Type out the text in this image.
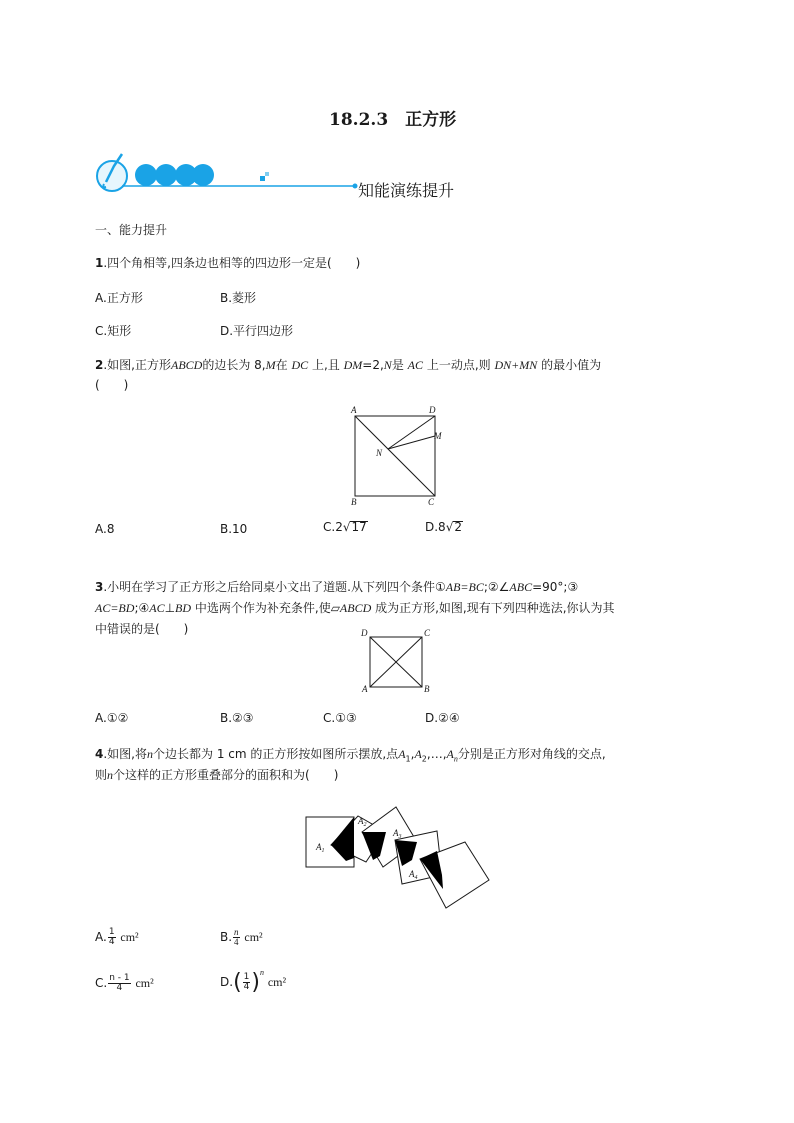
18.2.3　正方形
知能演练提升
一、能力提升
1.四个角相等,四条边也相等的四边形一定是(　　)
A.正方形	B.菱形
C.矩形	D.平行四边形
2.如图,正方形ABCD的边长为 8,M在 DC 上,且 DM=2,N是 AC 上一动点,则 DN+MN 的最小值为
(　　)
A	D
M
N
B	C
A.8	B.10	C.2√17	D.8√2
3.小明在学习了正方形之后给同桌小文出了道题.从下列四个条件①AB=BC;②∠ABC=90°;③
AC=BD;④AC⊥BD 中选两个作为补充条件,使▱ABCD 成为正方形,如图,现有下列四种选法,你认为其
中错误的是(　　)	D	C
A	B
A.①②	B.②③	C.①③	D.②④
4.如图,将n个边长都为 1 cm 的正方形按如图所示摆放,点$A_1,A_2,\dots,A_n$分别是正方形对角线的交点,
则n个这样的正方形重叠部分的面积和为(　　)
$A_1$
$A_2$
$A_3$
$A_4$
A. $\frac{1}{4} cm^2$	B. $\frac{n}{4} cm^2$
C. $\frac{n - 1}{4} cm^2$	$D.( \frac{1}{4} )^n$ cm²
